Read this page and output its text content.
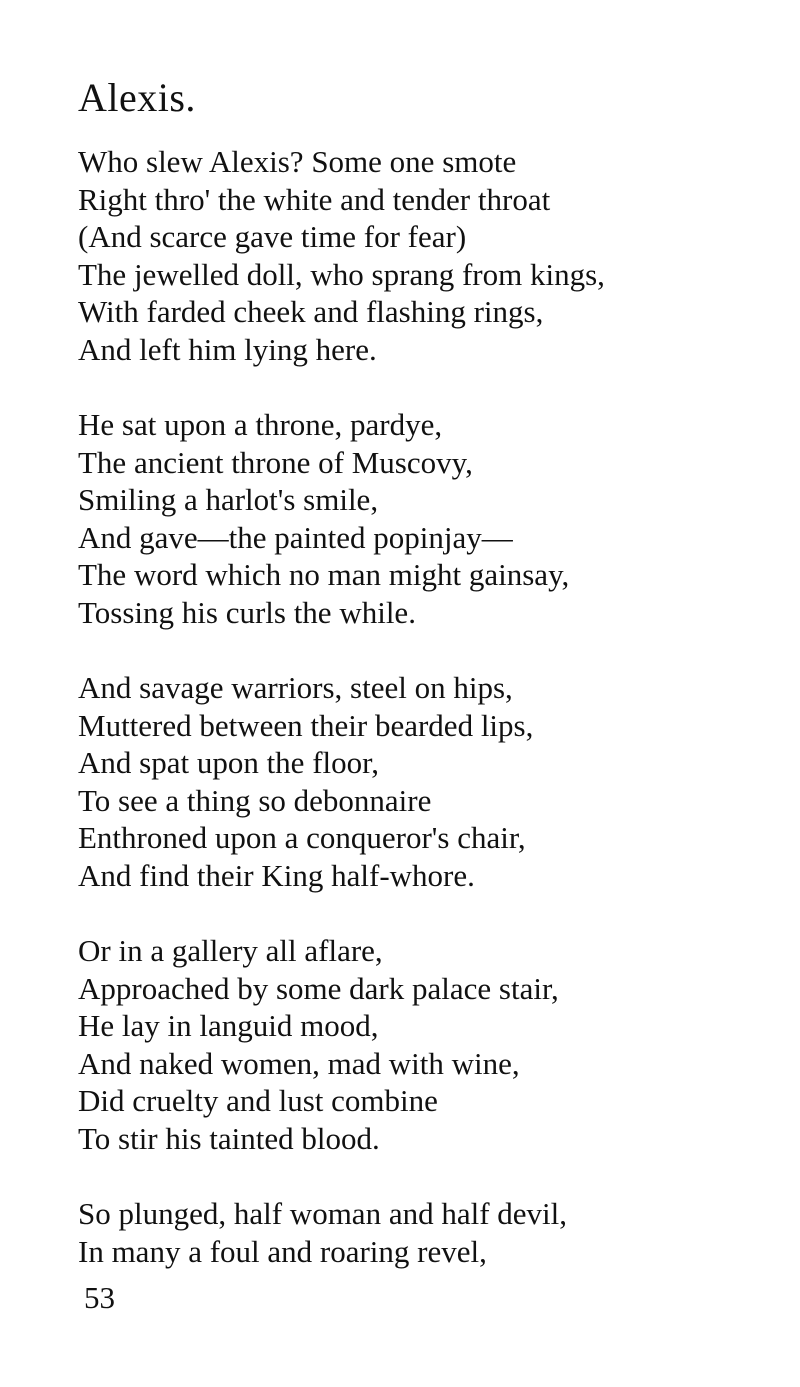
Alexis.
Who slew Alexis? Some one smote
Right thro' the white and tender throat
(And scarce gave time for fear)
The jewelled doll, who sprang from kings,
With farded cheek and flashing rings,
And left him lying here.
He sat upon a throne, pardye,
The ancient throne of Muscovy,
Smiling a harlot's smile,
And gave—the painted popinjay—
The word which no man might gainsay,
Tossing his curls the while.
And savage warriors, steel on hips,
Muttered between their bearded lips,
And spat upon the floor,
To see a thing so debonnaire
Enthroned upon a conqueror's chair,
And find their King half-whore.
Or in a gallery all aflare,
Approached by some dark palace stair,
He lay in languid mood,
And naked women, mad with wine,
Did cruelty and lust combine
To stir his tainted blood.
So plunged, half woman and half devil,
In many a foul and roaring revel,
53
